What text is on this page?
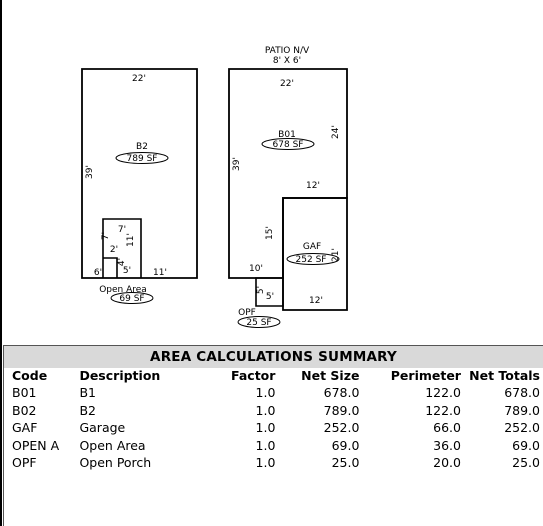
PATIO N/V
8' X 6'
22'
39'
B2
789 SF
7'
7' 11'
2'
4'
5'
6'	11'
Open Area
69 SF
22'
39'
24'
12'
15'
10'
B01
678 SF
GAF
252 SF 21'
12'
5'
5'
OPF
25 SF
AREA CALCULATIONS SUMMARY
Code	Description	Factor	Net Size	Perimeter	Net Totals
B01	B1	1.0	678.0	122.0	678.0
B02	B2	1.0	789.0	122.0	789.0
GAF	Garage	1.0	252.0	66.0	252.0
OPEN A	Open Area	1.0	69.0	36.0	69.0
OPF	Open Porch	1.0	25.0	20.0	25.0
